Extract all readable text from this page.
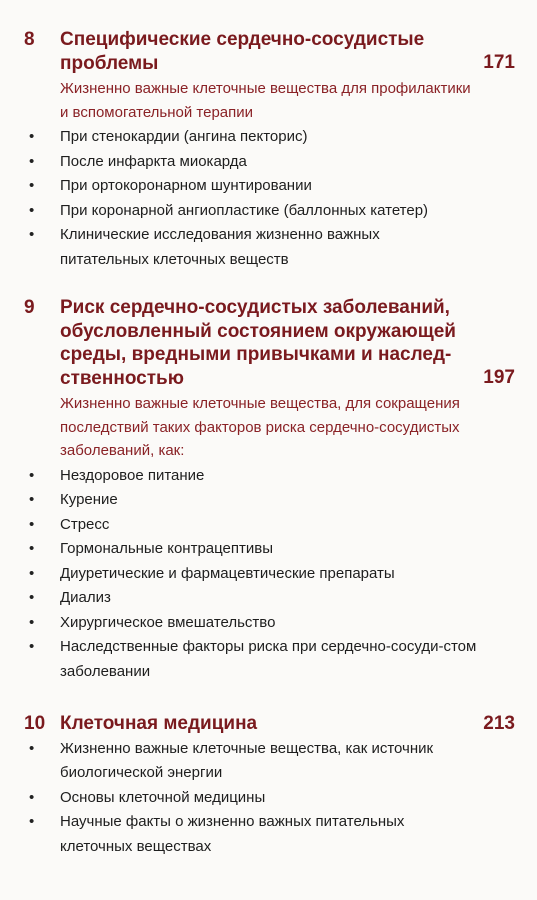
8 Специфические сердечно-сосудистые проблемы	171
Жизненно важные клеточные вещества для профилактики и вспомогательной терапии
• При стенокардии (ангина пекторис)
• После инфаркта миокарда
• При ортокоронарном шунтировании
• При коронарной ангиопластике (баллонных катетер)
• Клинические исследования жизненно важных питательных клеточных веществ
9 Риск сердечно-сосудистых заболеваний, обусловленный состоянием окружающей среды, вредными привычками и наслед-ственностью	197
Жизненно важные клеточные вещества, для сокращения последствий таких факторов риска сердечно-сосудистых заболеваний, как:
• Нездоровое питание
• Курение
• Стресс
• Гормональные контрацептивы
• Диуретические и фармацевтические препараты
• Диализ
• Хирургическое вмешательство
• Наследственные факторы риска при сердечно-сосуди-стом заболевании
10 Клеточная медицина	213
• Жизненно важные клеточные вещества, как источник биологической энергии
• Основы клеточной медицины
• Научные факты о жизненно важных питательных клеточных веществах
